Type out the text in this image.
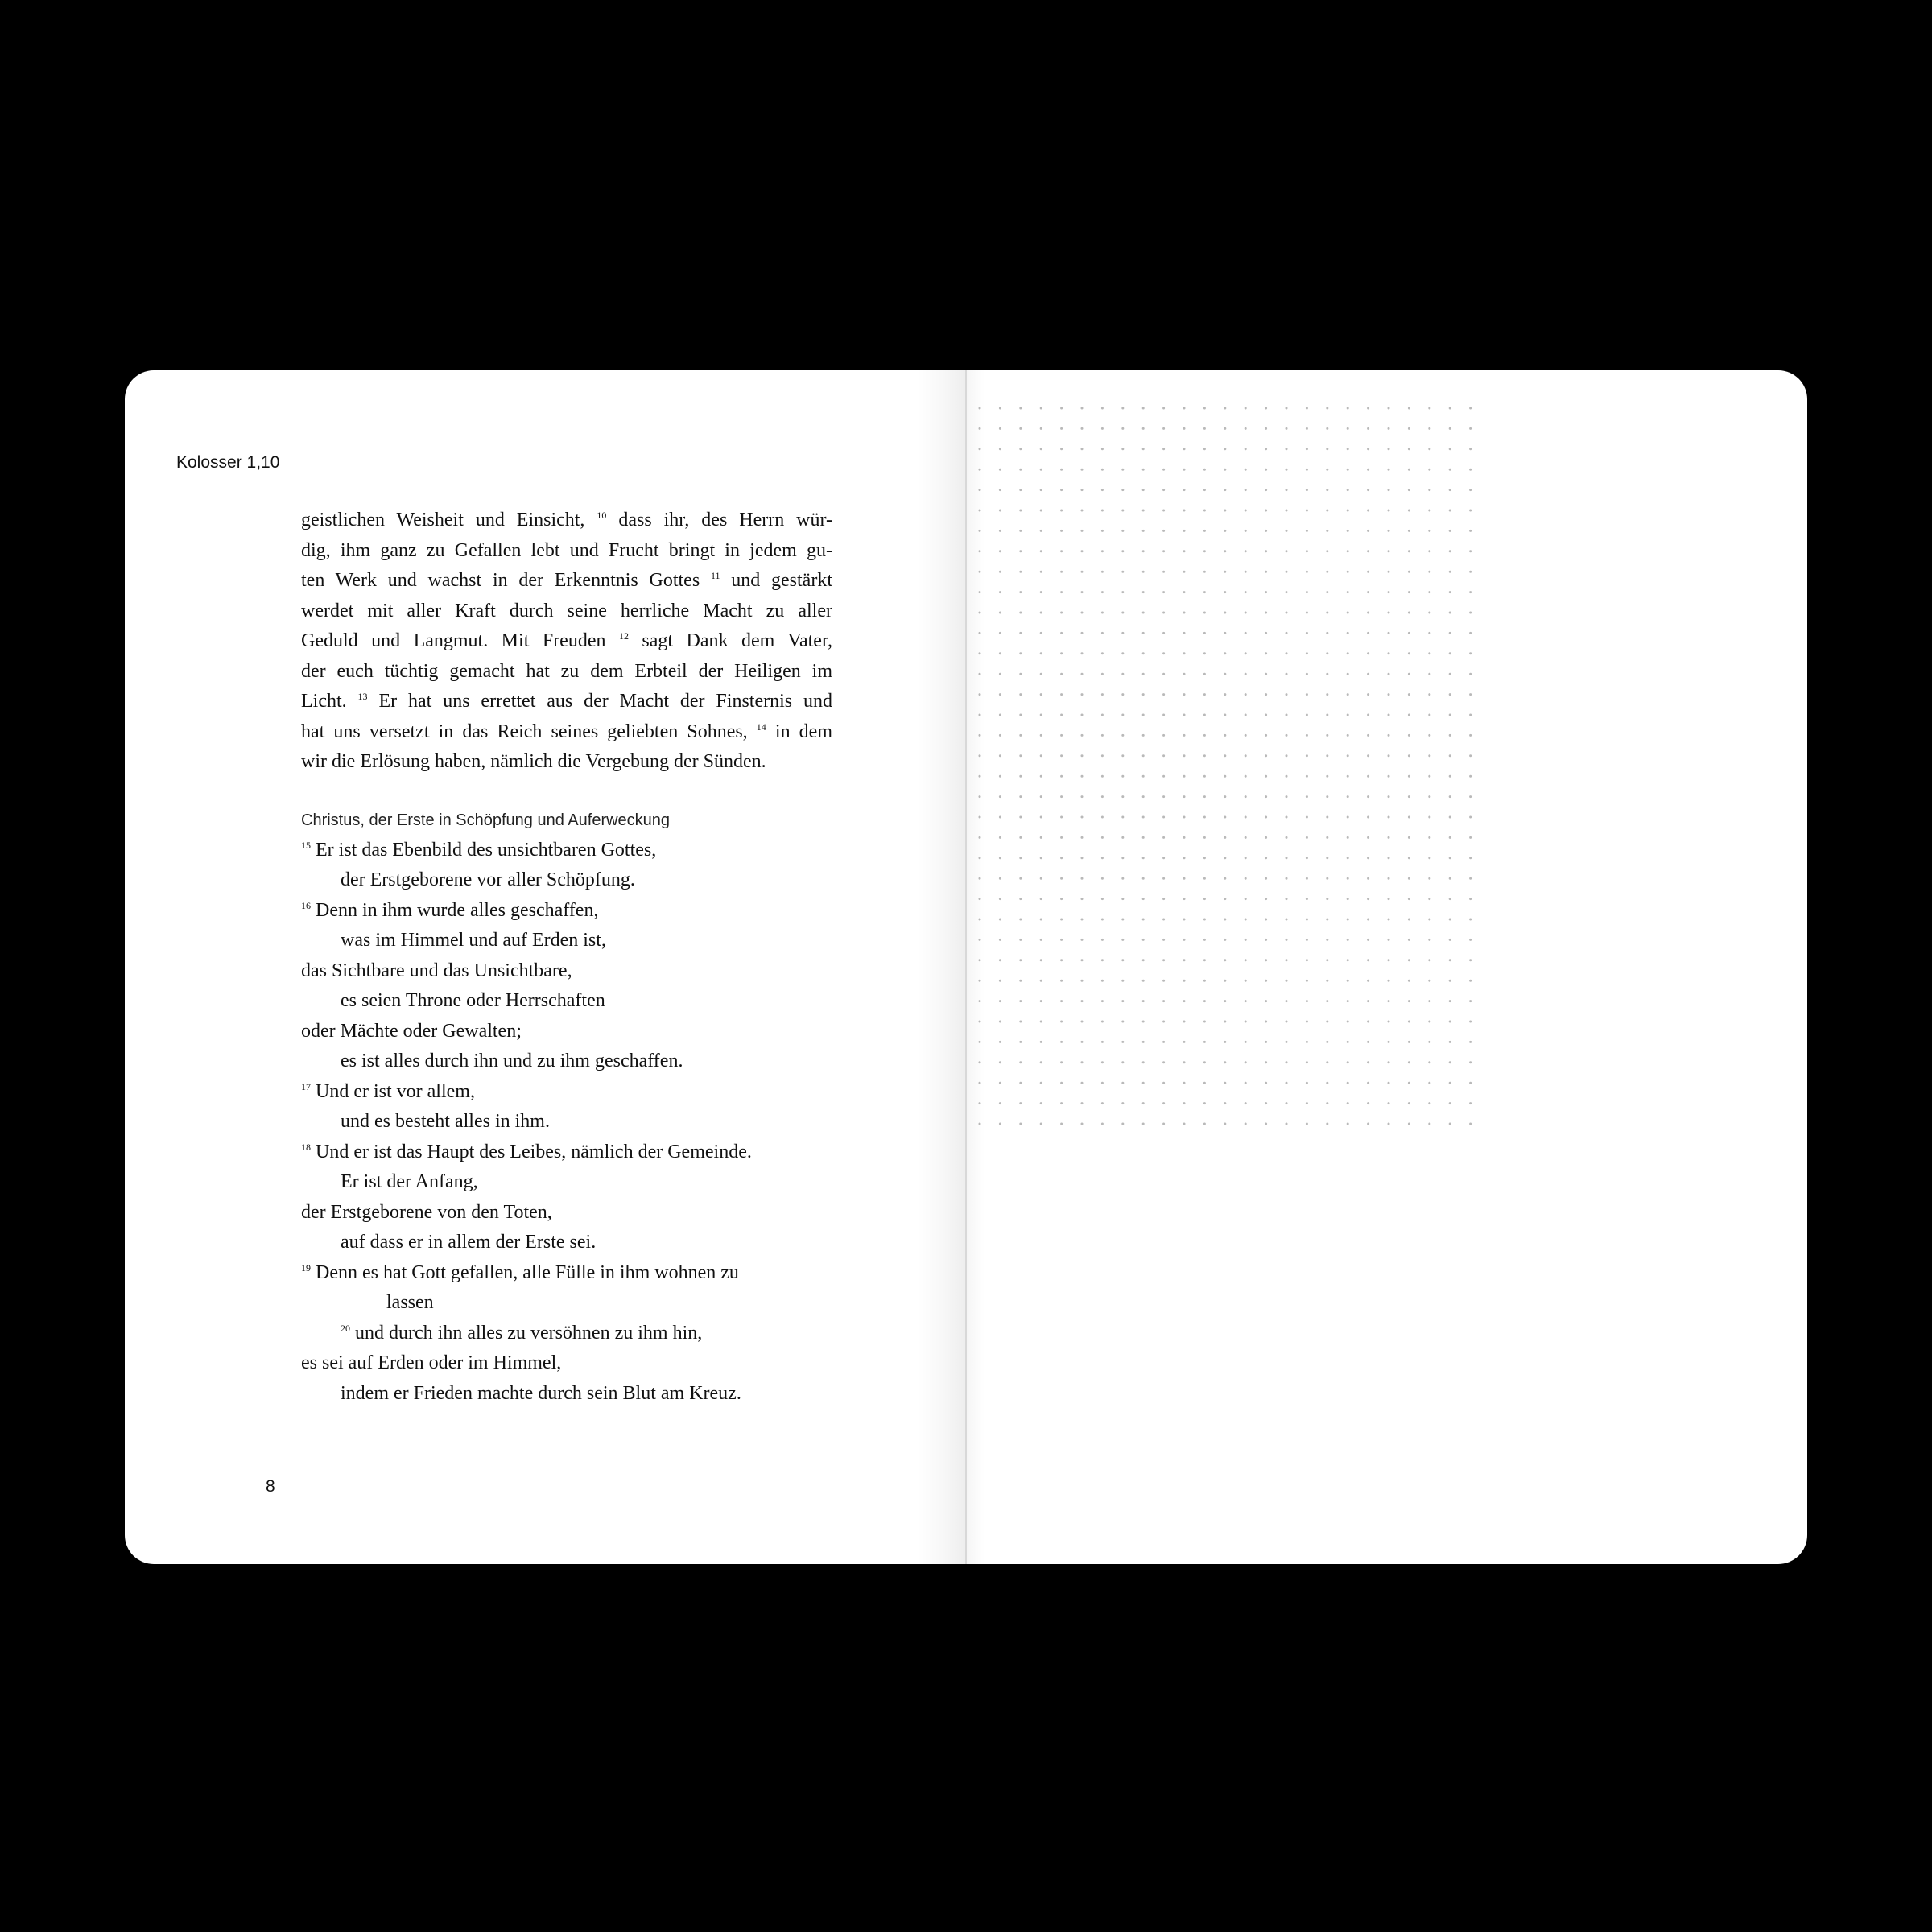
Kolosser 1,10
geistlichen Weisheit und Einsicht, $^{10}$ dass ihr, des Herrn wür-
dig, ihm ganz zu Gefallen lebt und Frucht bringt in jedem gu-
ten Werk und wachst in der Erkenntnis Gottes $^{11}$ und gestärkt
werdet mit aller Kraft durch seine herrliche Macht zu aller
Geduld und Langmut. Mit Freuden $^{12}$ sagt Dank dem Vater,
der euch tüchtig gemacht hat zu dem Erbteil der Heiligen im
Licht. $^{13}$ Er hat uns errettet aus der Macht der Finsternis und
hat uns versetzt in das Reich seines geliebten Sohnes, $^{14}$ in dem
wir die Erlösung haben, nämlich die Vergebung der Sünden.
Christus, der Erste in Schöpfung und Auferweckung
$^{15}$ Er ist das Ebenbild des unsichtbaren Gottes,
der Erstgeborene vor aller Schöpfung.
$^{16}$ Denn in ihm wurde alles geschaffen,
was im Himmel und auf Erden ist,
das Sichtbare und das Unsichtbare,
es seien Throne oder Herrschaften
oder Mächte oder Gewalten;
es ist alles durch ihn und zu ihm geschaffen.
$^{17}$ Und er ist vor allem,
und es besteht alles in ihm.
$^{18}$ Und er ist das Haupt des Leibes, nämlich der Gemeinde.
Er ist der Anfang,
der Erstgeborene von den Toten,
auf dass er in allem der Erste sei.
$^{19}$ Denn es hat Gott gefallen, alle Fülle in ihm wohnen zu
lassen
$^{20}$ und durch ihn alles zu versöhnen zu ihm hin,
es sei auf Erden oder im Himmel,
indem er Frieden machte durch sein Blut am Kreuz.
8
